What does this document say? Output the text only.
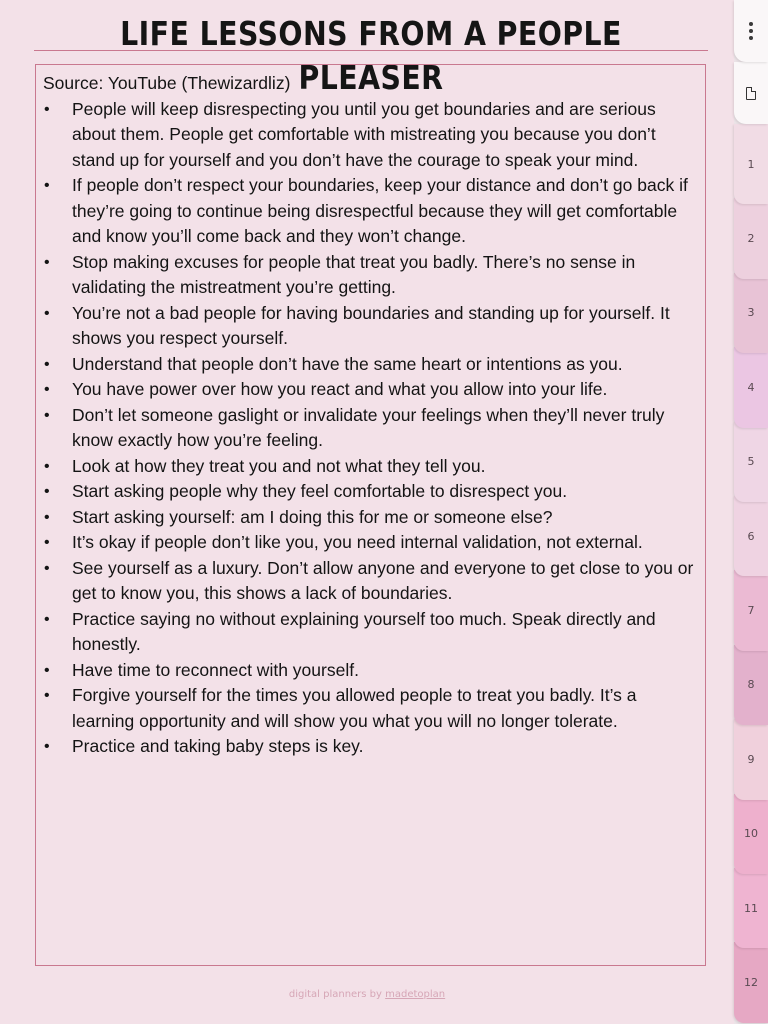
LIFE LESSONS FROM A PEOPLE PLEASER
Source: YouTube (Thewizardliz)
• People will keep disrespecting you until you get boundaries and are serious about them. People get comfortable with mistreating you because you don’t stand up for yourself and you don’t have the courage to speak your mind.
• If people don’t respect your boundaries, keep your distance and don’t go back if they’re going to continue being disrespectful because they will get comfortable and know you’ll come back and they won’t change.
• Stop making excuses for people that treat you badly. There’s no sense in validating the mistreatment you’re getting.
• You’re not a bad people for having boundaries and standing up for yourself. It shows you respect yourself.
• Understand that people don’t have the same heart or intentions as you.
• You have power over how you react and what you allow into your life.
• Don’t let someone gaslight or invalidate your feelings when they’ll never truly know exactly how you’re feeling.
• Look at how they treat you and not what they tell you.
• Start asking people why they feel comfortable to disrespect you.
• Start asking yourself: am I doing this for me or someone else?
• It’s okay if people don’t like you, you need internal validation, not external.
• See yourself as a luxury. Don’t allow anyone and everyone to get close to you or get to know you, this shows a lack of boundaries.
• Practice saying no without explaining yourself too much. Speak directly and honestly.
• Have time to reconnect with yourself.
• Forgive yourself for the times you allowed people to treat you badly. It’s a learning opportunity and will show you what you will no longer tolerate.
• Practice and taking baby steps is key.
digital planners by madetoplan
1
2
3
4
5
6
7
8
9
10
11
12
